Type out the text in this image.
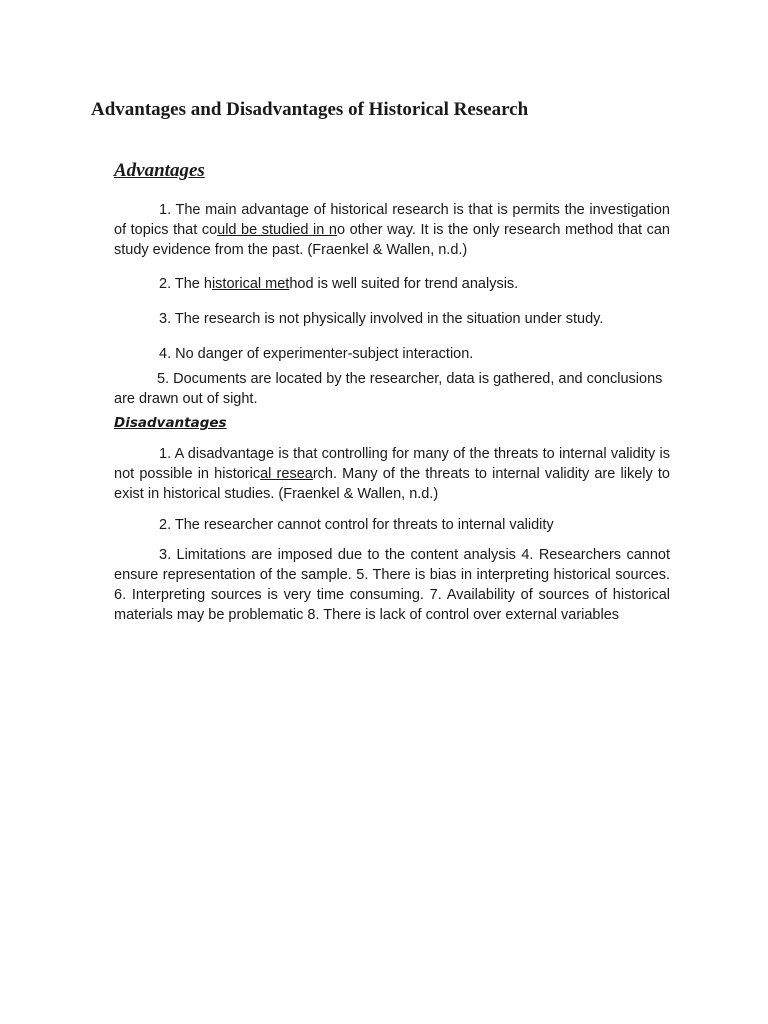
Advantages and Disadvantages of Historical Research
Advantages

1. The main advantage of historical research is that is permits the investigation of topics that could be studied in no other way. It is the only research method that can study evidence from the past. (Fraenkel & Wallen, n.d.)

2. The historical method is well suited for trend analysis.

3. The research is not physically involved in the situation under study.

4. No danger of experimenter-subject interaction.

5. Documents are located by the researcher, data is gathered, and conclusions are drawn out of sight.

Disadvantages

1. A disadvantage is that controlling for many of the threats to internal validity is not possible in historical research. Many of the threats to internal validity are likely to exist in historical studies. (Fraenkel & Wallen, n.d.)

2. The researcher cannot control for threats to internal validity

3. Limitations are imposed due to the content analysis 4. Researchers cannot ensure representation of the sample. 5. There is bias in interpreting historical sources. 6. Interpreting sources is very time consuming. 7. Availability of sources of historical materials may be problematic 8. There is lack of control over external variables
